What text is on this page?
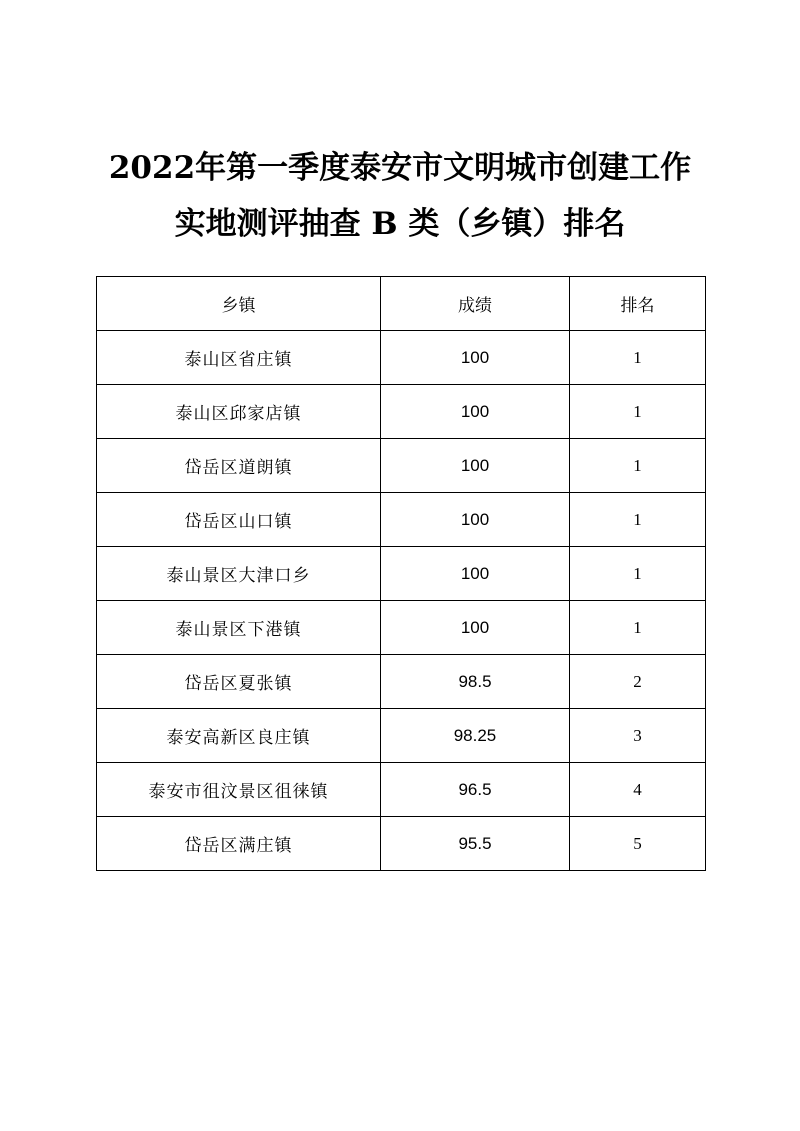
2022年第一季度泰安市文明城市创建工作
实地测评抽查 B 类（乡镇）排名
乡镇	成绩	排名
泰山区省庄镇	100	1
泰山区邱家店镇	100	1
岱岳区道朗镇	100	1
岱岳区山口镇	100	1
泰山景区大津口乡	100	1
泰山景区下港镇	100	1
岱岳区夏张镇	98.5	2
泰安高新区良庄镇	98.25	3
泰安市徂汶景区徂徕镇	96.5	4
岱岳区满庄镇	95.5	5
